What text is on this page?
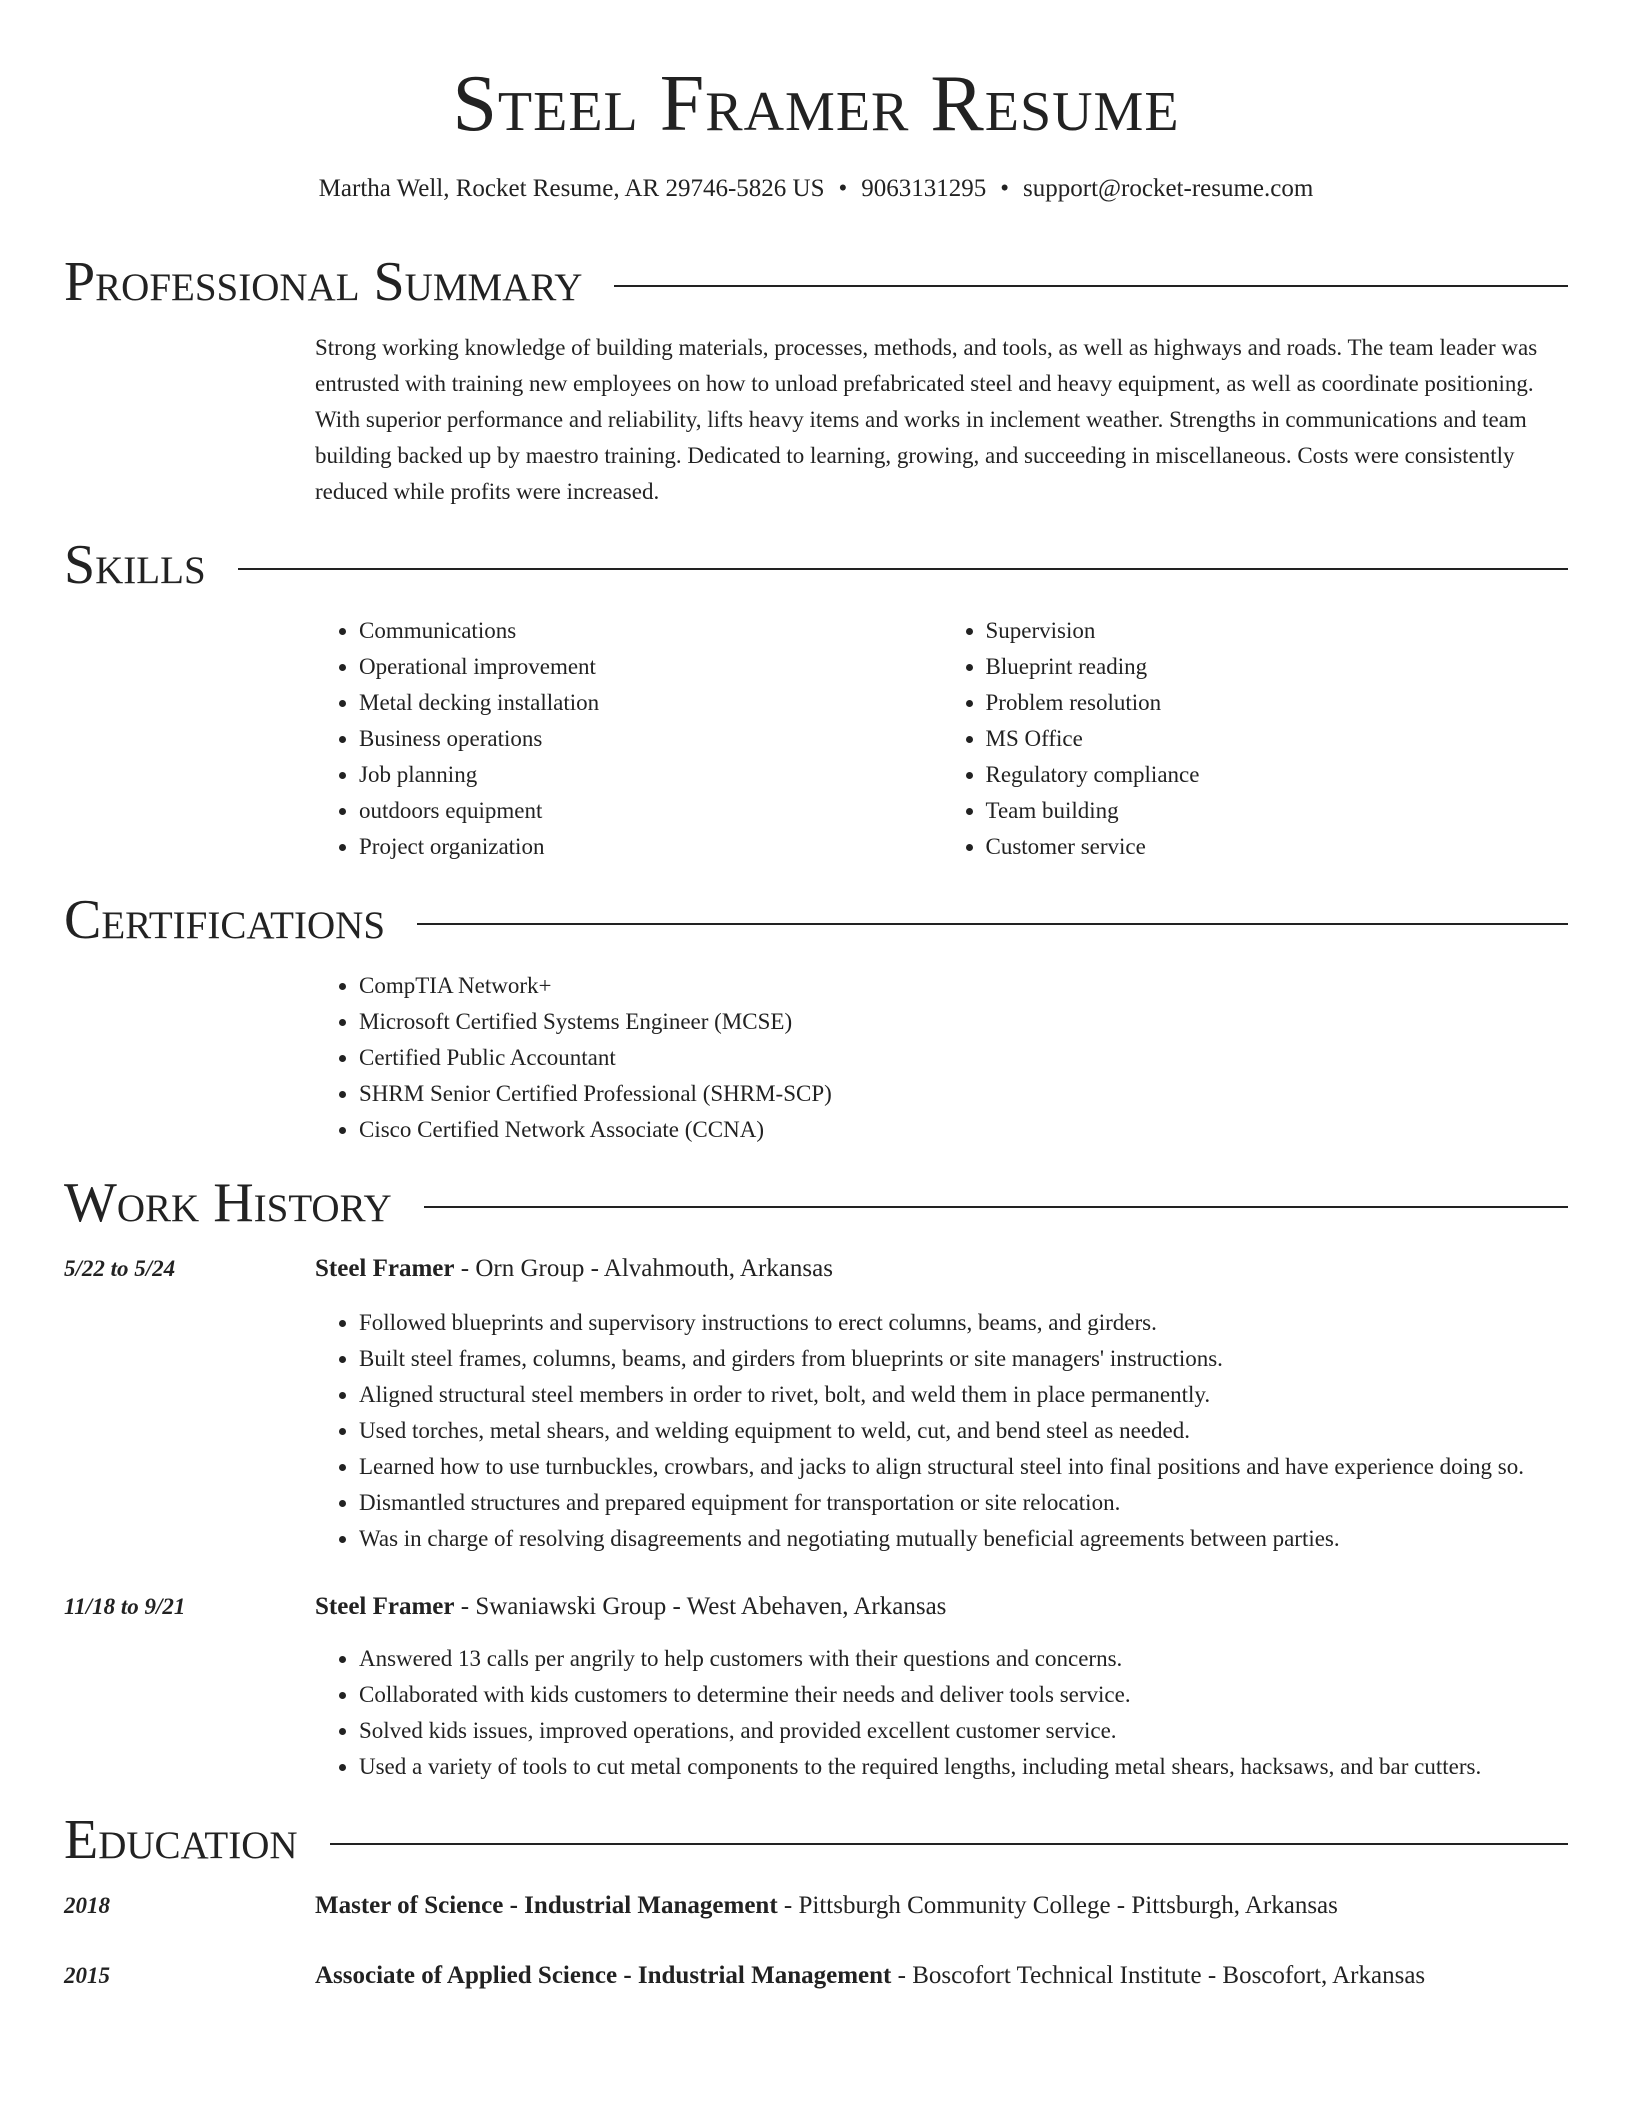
Steel Framer Resume
Martha Well, Rocket Resume, AR 29746-5826 US • 9063131295 • support@rocket-resume.com
Professional Summary

Strong working knowledge of building materials, processes, methods, and tools, as well as highways and roads. The team leader was entrusted with training new employees on how to unload prefabricated steel and heavy equipment, as well as coordinate positioning. With superior performance and reliability, lifts heavy items and works in inclement weather. Strengths in communications and team building backed up by maestro training. Dedicated to learning, growing, and succeeding in miscellaneous. Costs were consistently reduced while profits were increased.

Skills
• Communications
• Operational improvement
• Metal decking installation
• Business operations
• Job planning
• outdoors equipment
• Project organization
• Supervision
• Blueprint reading
• Problem resolution
• MS Office
• Regulatory compliance
• Team building
• Customer service
Certifications
• CompTIA Network+
• Microsoft Certified Systems Engineer (MCSE)
• Certified Public Accountant
• SHRM Senior Certified Professional (SHRM-SCP)
• Cisco Certified Network Associate (CCNA)
Work History
5/22 to 5/24	Steel Framer - Orn Group - Alvahmouth, Arkansas
• Followed blueprints and supervisory instructions to erect columns, beams, and girders.
• Built steel frames, columns, beams, and girders from blueprints or site managers' instructions.
• Aligned structural steel members in order to rivet, bolt, and weld them in place permanently.
• Used torches, metal shears, and welding equipment to weld, cut, and bend steel as needed.
• Learned how to use turnbuckles, crowbars, and jacks to align structural steel into final positions and have experience doing so.
• Dismantled structures and prepared equipment for transportation or site relocation.
• Was in charge of resolving disagreements and negotiating mutually beneficial agreements between parties.
11/18 to 9/21	Steel Framer - Swaniawski Group - West Abehaven, Arkansas
• Answered 13 calls per angrily to help customers with their questions and concerns.
• Collaborated with kids customers to determine their needs and deliver tools service.
• Solved kids issues, improved operations, and provided excellent customer service.
• Used a variety of tools to cut metal components to the required lengths, including metal shears, hacksaws, and bar cutters.
Education
2018	Master of Science - Industrial Management - Pittsburgh Community College - Pittsburgh, Arkansas
2015	Associate of Applied Science - Industrial Management - Boscofort Technical Institute - Boscofort, Arkansas
